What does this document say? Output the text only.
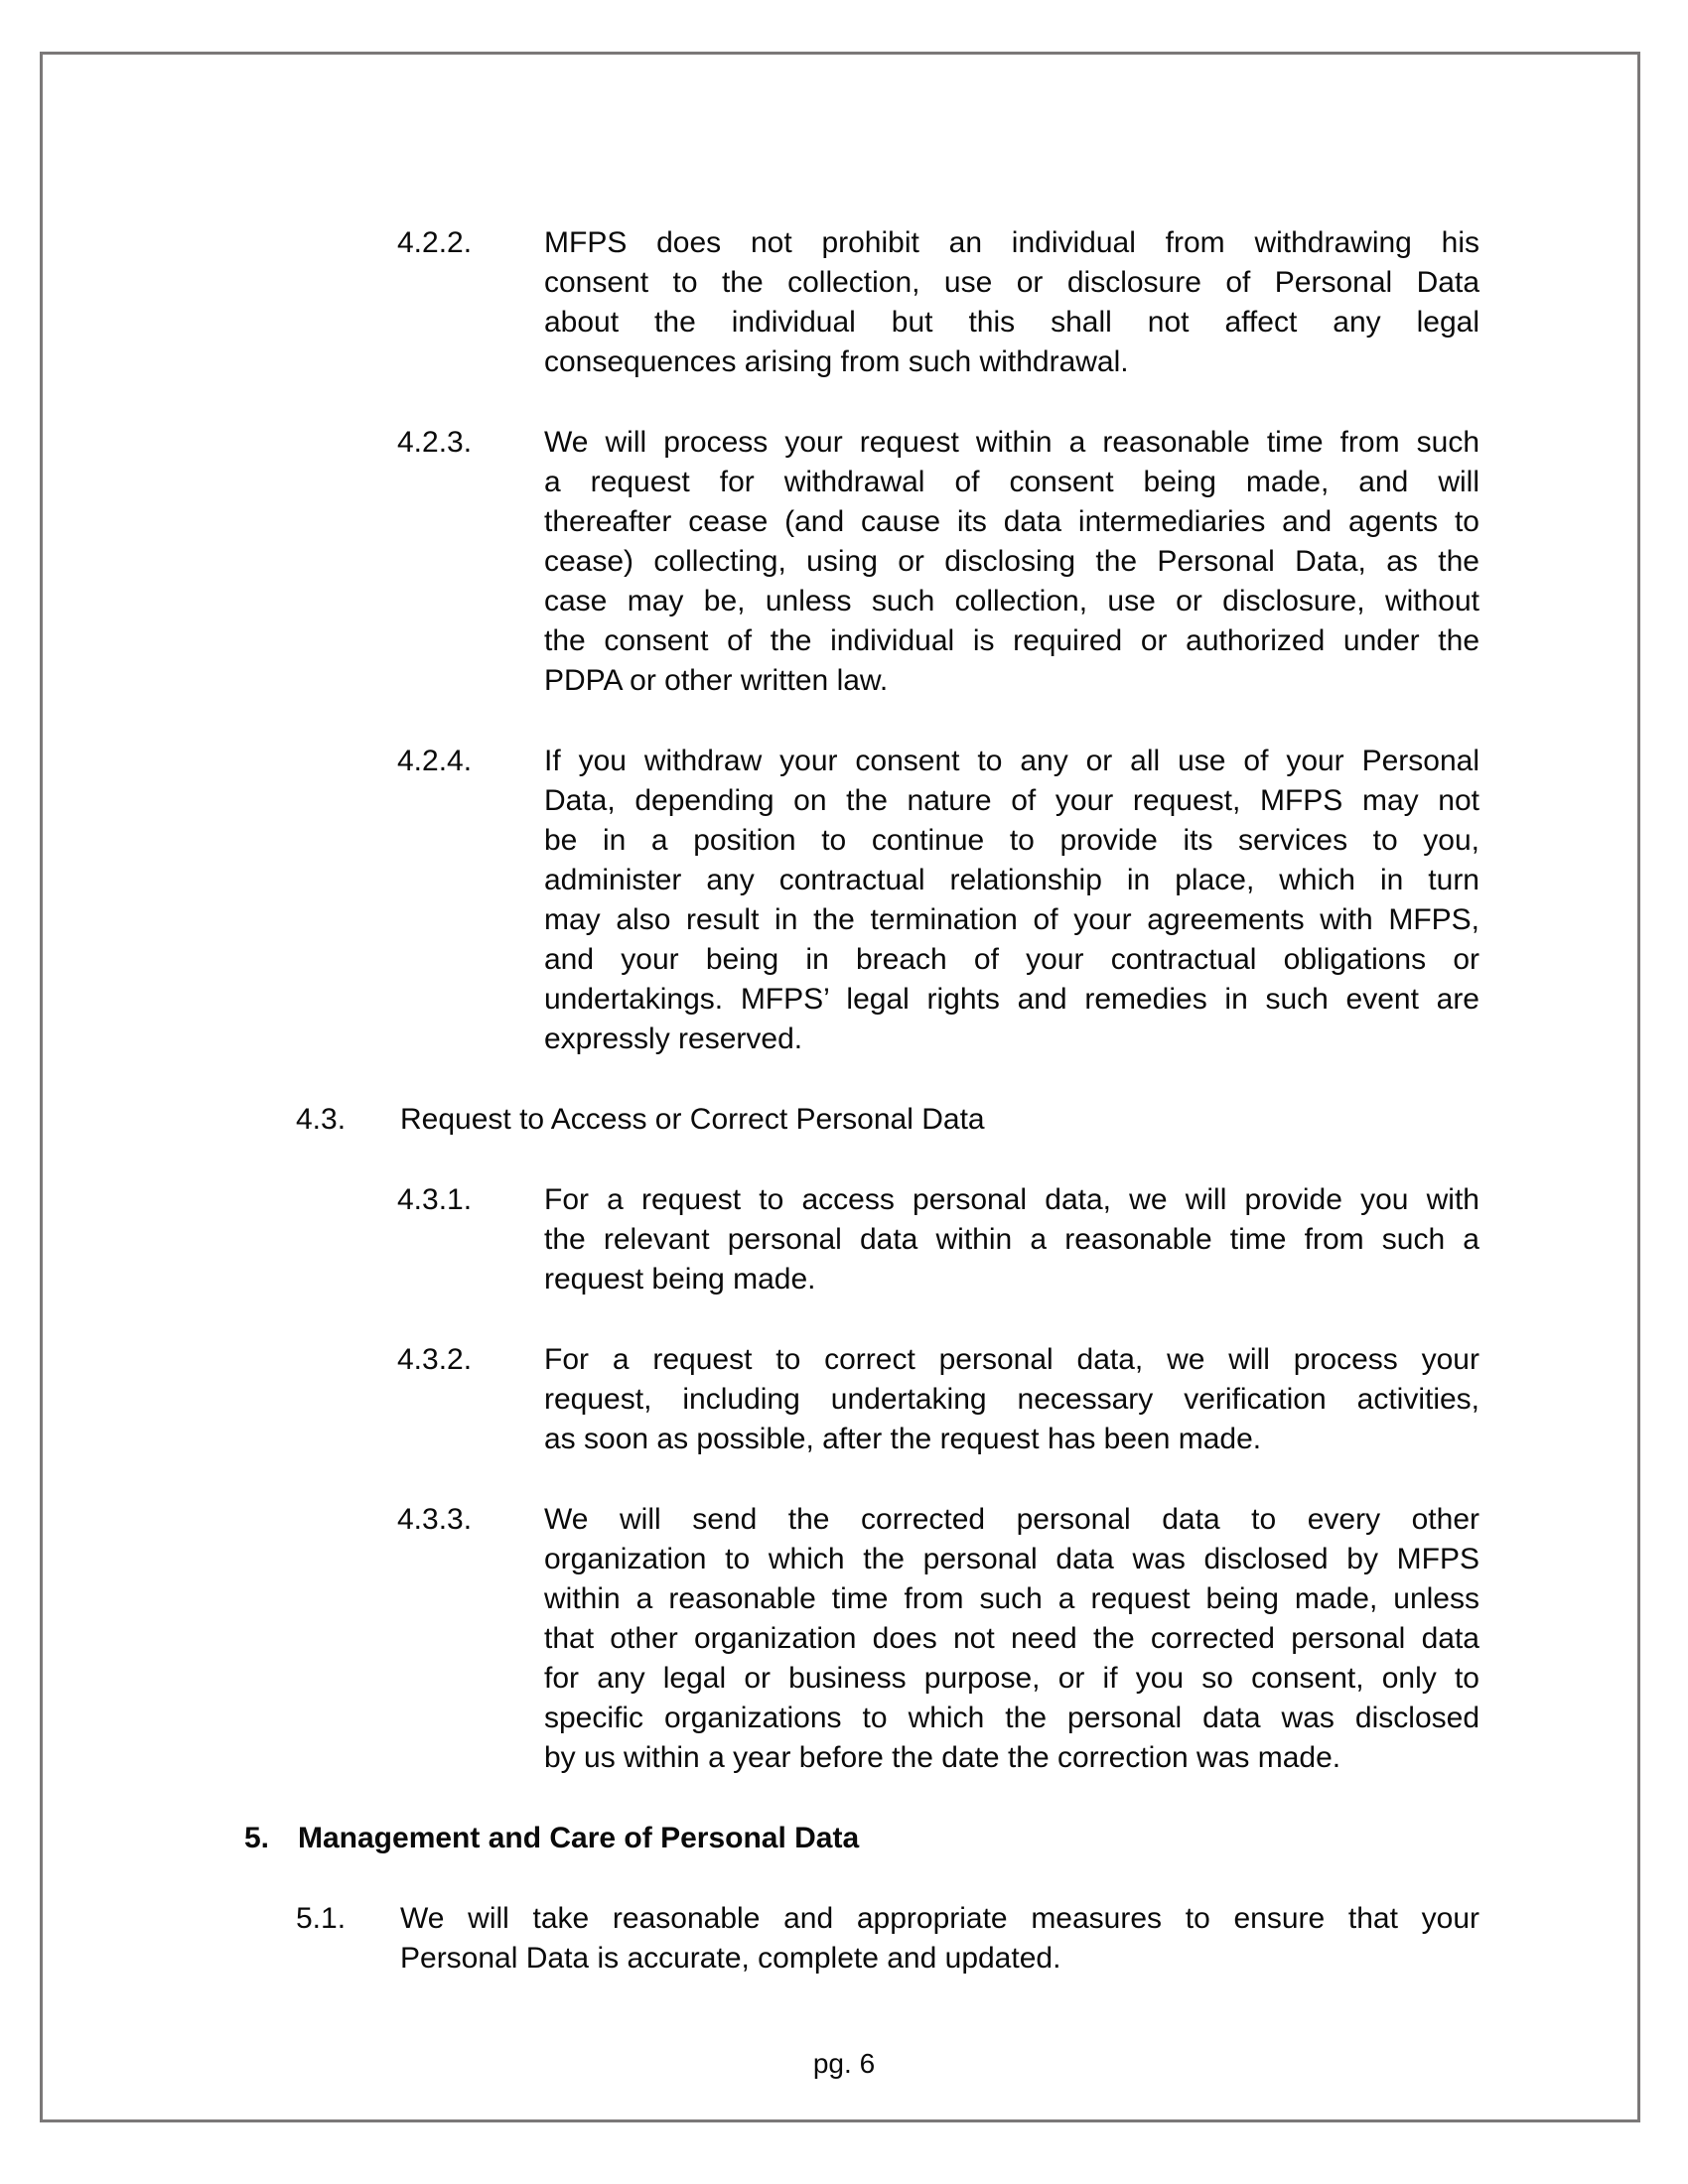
4.2.2.	MFPS does not prohibit an individual from withdrawing his
consent to the collection, use or disclosure of Personal Data
about the individual but this shall not affect any legal
consequences arising from such withdrawal.
4.2.3.	We will process your request within a reasonable time from such
a request for withdrawal of consent being made, and will
thereafter cease (and cause its data intermediaries and agents to
cease) collecting, using or disclosing the Personal Data, as the
case may be, unless such collection, use or disclosure, without
the consent of the individual is required or authorized under the
PDPA or other written law.
4.2.4.	If you withdraw your consent to any or all use of your Personal
Data, depending on the nature of your request, MFPS may not
be in a position to continue to provide its services to you,
administer any contractual relationship in place, which in turn
may also result in the termination of your agreements with MFPS,
and your being in breach of your contractual obligations or
undertakings. MFPS’ legal rights and remedies in such event are
expressly reserved.
4.3.	Request to Access or Correct Personal Data
4.3.1.	For a request to access personal data, we will provide you with
the relevant personal data within a reasonable time from such a
request being made.
4.3.2.	For a request to correct personal data, we will process your
request, including undertaking necessary verification activities,
as soon as possible, after the request has been made.
4.3.3.	We will send the corrected personal data to every other
organization to which the personal data was disclosed by MFPS
within a reasonable time from such a request being made, unless
that other organization does not need the corrected personal data
for any legal or business purpose, or if you so consent, only to
specific organizations to which the personal data was disclosed
by us within a year before the date the correction was made.
5. Management and Care of Personal Data
5.1.	We will take reasonable and appropriate measures to ensure that your
Personal Data is accurate, complete and updated.
pg. 6
